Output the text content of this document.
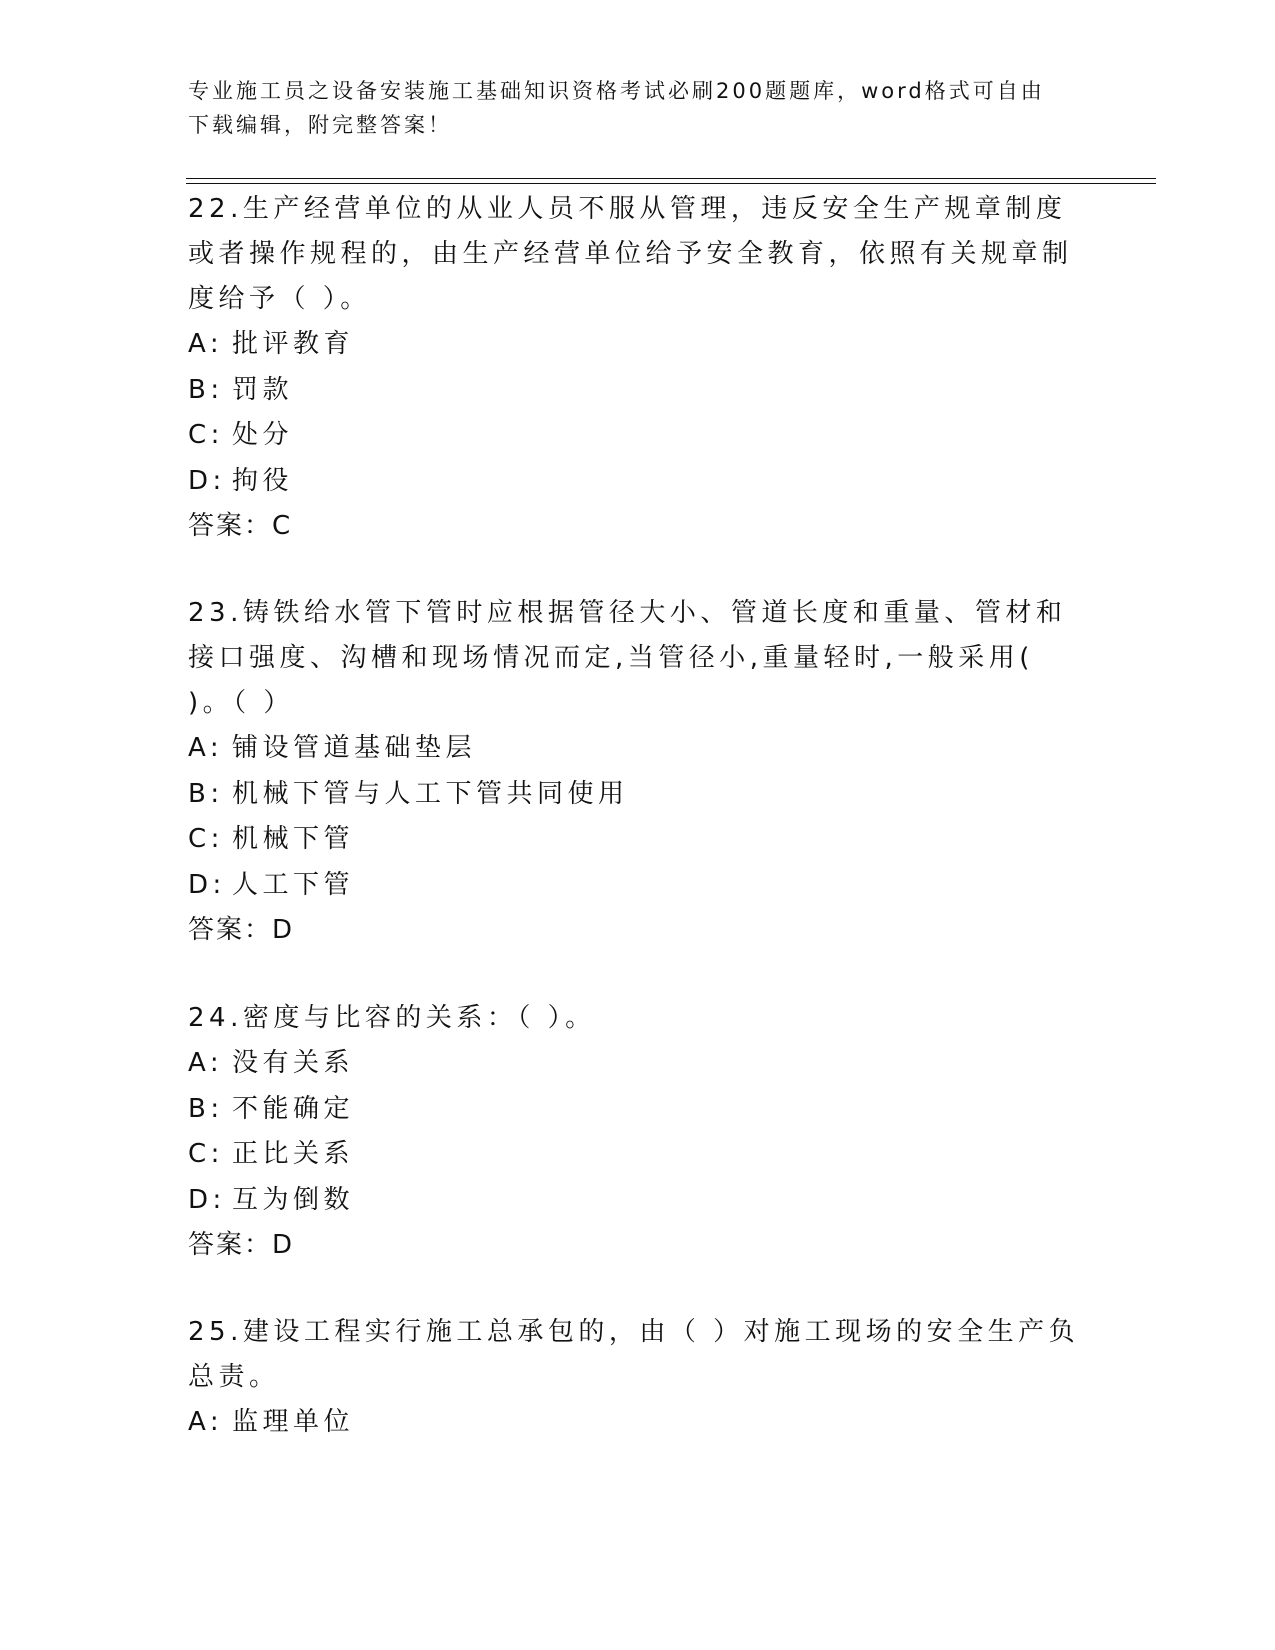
专业施工员之设备安装施工基础知识资格考试必刷200题题库，word格式可自由下载编辑，附完整答案！

22.生产经营单位的从业人员不服从管理，违反安全生产规章制度或者操作规程的，由生产经营单位给予安全教育，依照有关规章制度给予（ ）。

A: 批评教育

B: 罚款

C: 处分

D: 拘役

答案：C

23.铸铁给水管下管时应根据管径大小、管道长度和重量、管材和接口强度、沟槽和现场情况而定,当管径小,重量轻时,一般采用( )。（ ）

A: 铺设管道基础垫层

B: 机械下管与人工下管共同使用

C: 机械下管

D: 人工下管

答案：D

24.密度与比容的关系：（ ）。

A: 没有关系

B: 不能确定

C: 正比关系

D: 互为倒数

答案：D

25.建设工程实行施工总承包的，由（ ）对施工现场的安全生产负总责。

A: 监理单位
